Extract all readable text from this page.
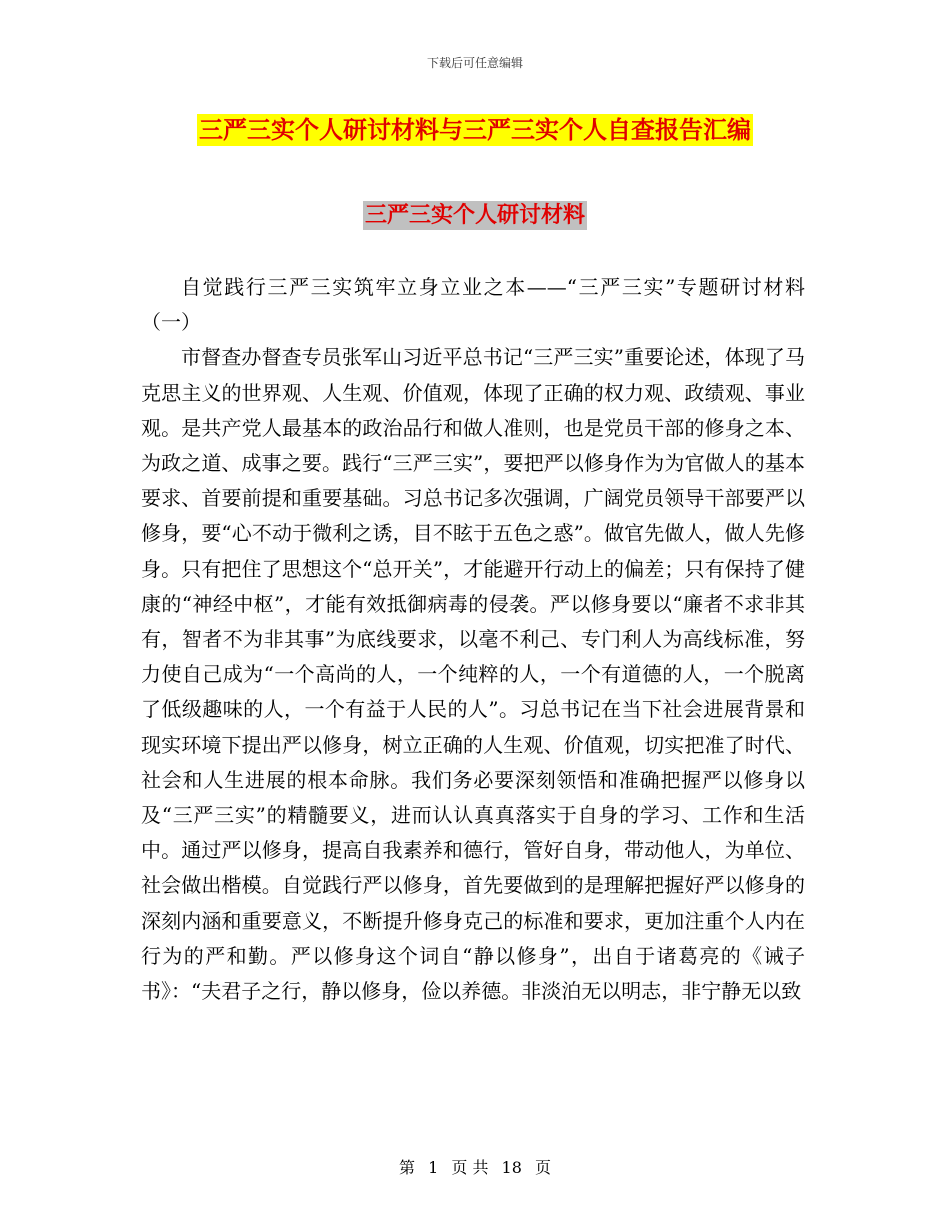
下载后可任意编辑
三严三实个人研讨材料与三严三实个人自查报告汇编
三严三实个人研讨材料

自觉践行三严三实筑牢立身立业之本——“三严三实”专题研讨材料（一）

市督查办督查专员张军山习近平总书记“三严三实”重要论述，体现了马克思主义的世界观、人生观、价值观，体现了正确的权力观、政绩观、事业观。是共产党人最基本的政治品行和做人准则，也是党员干部的修身之本、为政之道、成事之要。践行“三严三实”，要把严以修身作为为官做人的基本要求、首要前提和重要基础。习总书记多次强调，广阔党员领导干部要严以修身，要“心不动于微利之诱，目不眩于五色之惑”。做官先做人，做人先修身。只有把住了思想这个“总开关”，才能避开行动上的偏差；只有保持了健康的“神经中枢”，才能有效抵御病毒的侵袭。严以修身要以“廉者不求非其有，智者不为非其事”为底线要求，以毫不利己、专门利人为高线标准，努力使自己成为“一个高尚的人，一个纯粹的人，一个有道德的人，一个脱离了低级趣味的人，一个有益于人民的人”。习总书记在当下社会进展背景和现实环境下提出严以修身，树立正确的人生观、价值观，切实把准了时代、社会和人生进展的根本命脉。我们务必要深刻领悟和准确把握严以修身以及“三严三实”的精髓要义，进而认认真真落实于自身的学习、工作和生活中。通过严以修身，提高自我素养和德行，管好自身，带动他人，为单位、社会做出楷模。自觉践行严以修身，首先要做到的是理解把握好严以修身的深刻内涵和重要意义，不断提升修身克己的标准和要求，更加注重个人内在行为的严和勤。严以修身这个词自“静以修身”，出自于诸葛亮的《诫子书》：“夫君子之行，静以修身，俭以养德。非淡泊无以明志，非宁静无以致

第 1 页 共 18 页
